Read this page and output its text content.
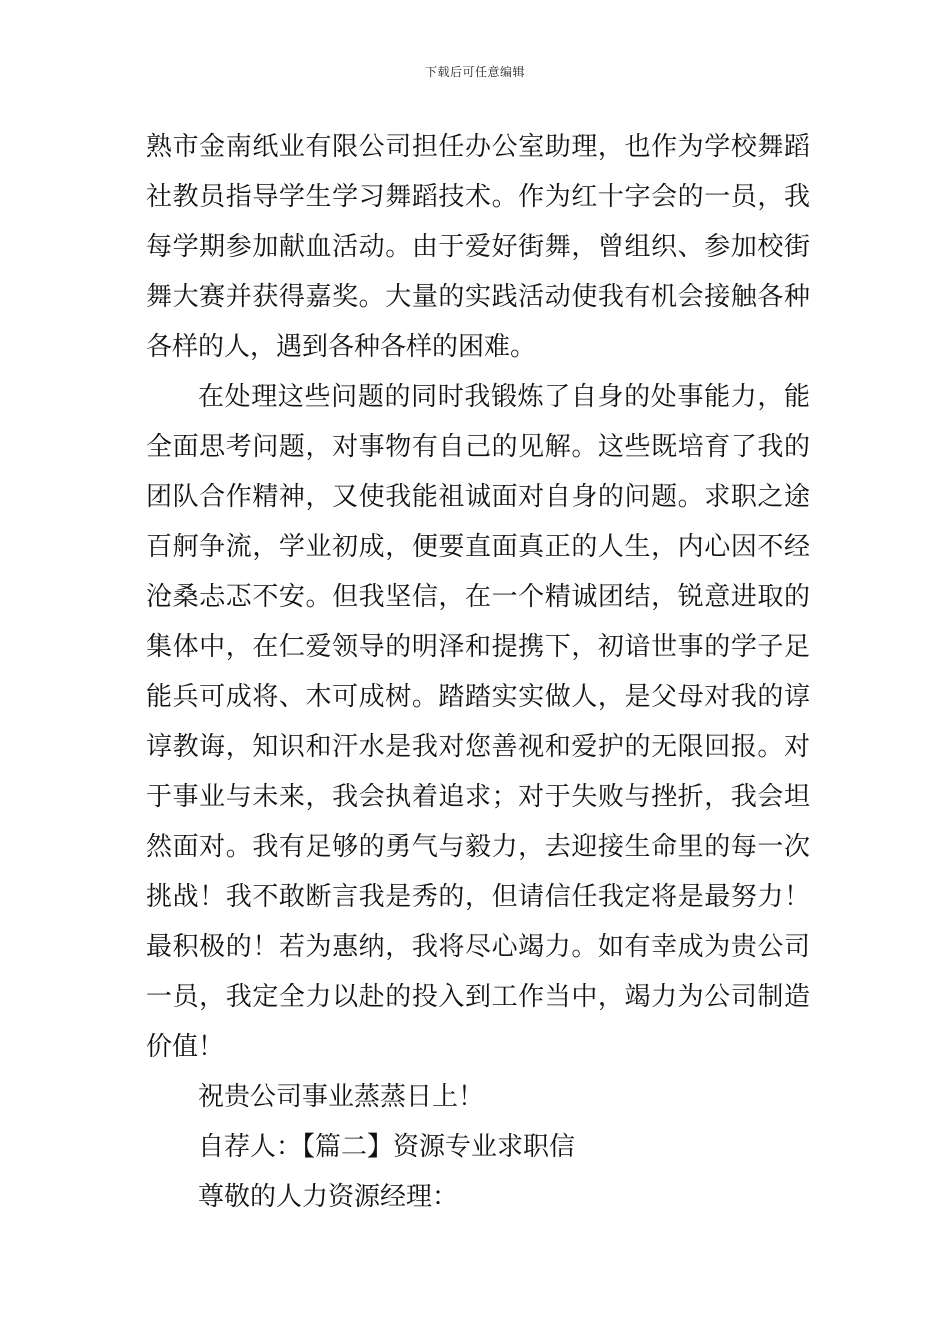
下载后可任意编辑
熟市金南纸业有限公司担任办公室助理，也作为学校舞蹈
社教员指导学生学习舞蹈技术。作为红十字会的一员，我
每学期参加献血活动。由于爱好街舞，曾组织、参加校街
舞大赛并获得嘉奖。大量的实践活动使我有机会接触各种
各样的人，遇到各种各样的困难。
在处理这些问题的同时我锻炼了自身的处事能力，能
全面思考问题，对事物有自己的见解。这些既培育了我的
团队合作精神，又使我能祖诚面对自身的问题。求职之途
百舸争流，学业初成，便要直面真正的人生，内心因不经
沧桑忐忑不安。但我坚信，在一个精诚团结，锐意进取的
集体中，在仁爱领导的明泽和提携下，初谙世事的学子足
能兵可成将、木可成树。踏踏实实做人，是父母对我的谆
谆教诲，知识和汗水是我对您善视和爱护的无限回报。对
于事业与未来，我会执着追求；对于失败与挫折，我会坦
然面对。我有足够的勇气与毅力，去迎接生命里的每一次
挑战！我不敢断言我是秀的，但请信任我定将是最努力！
最积极的！若为惠纳，我将尽心竭力。如有幸成为贵公司
一员，我定全力以赴的投入到工作当中，竭力为公司制造
价值！
祝贵公司事业蒸蒸日上！
自荐人：【篇二】资源专业求职信
尊敬的人力资源经理：
